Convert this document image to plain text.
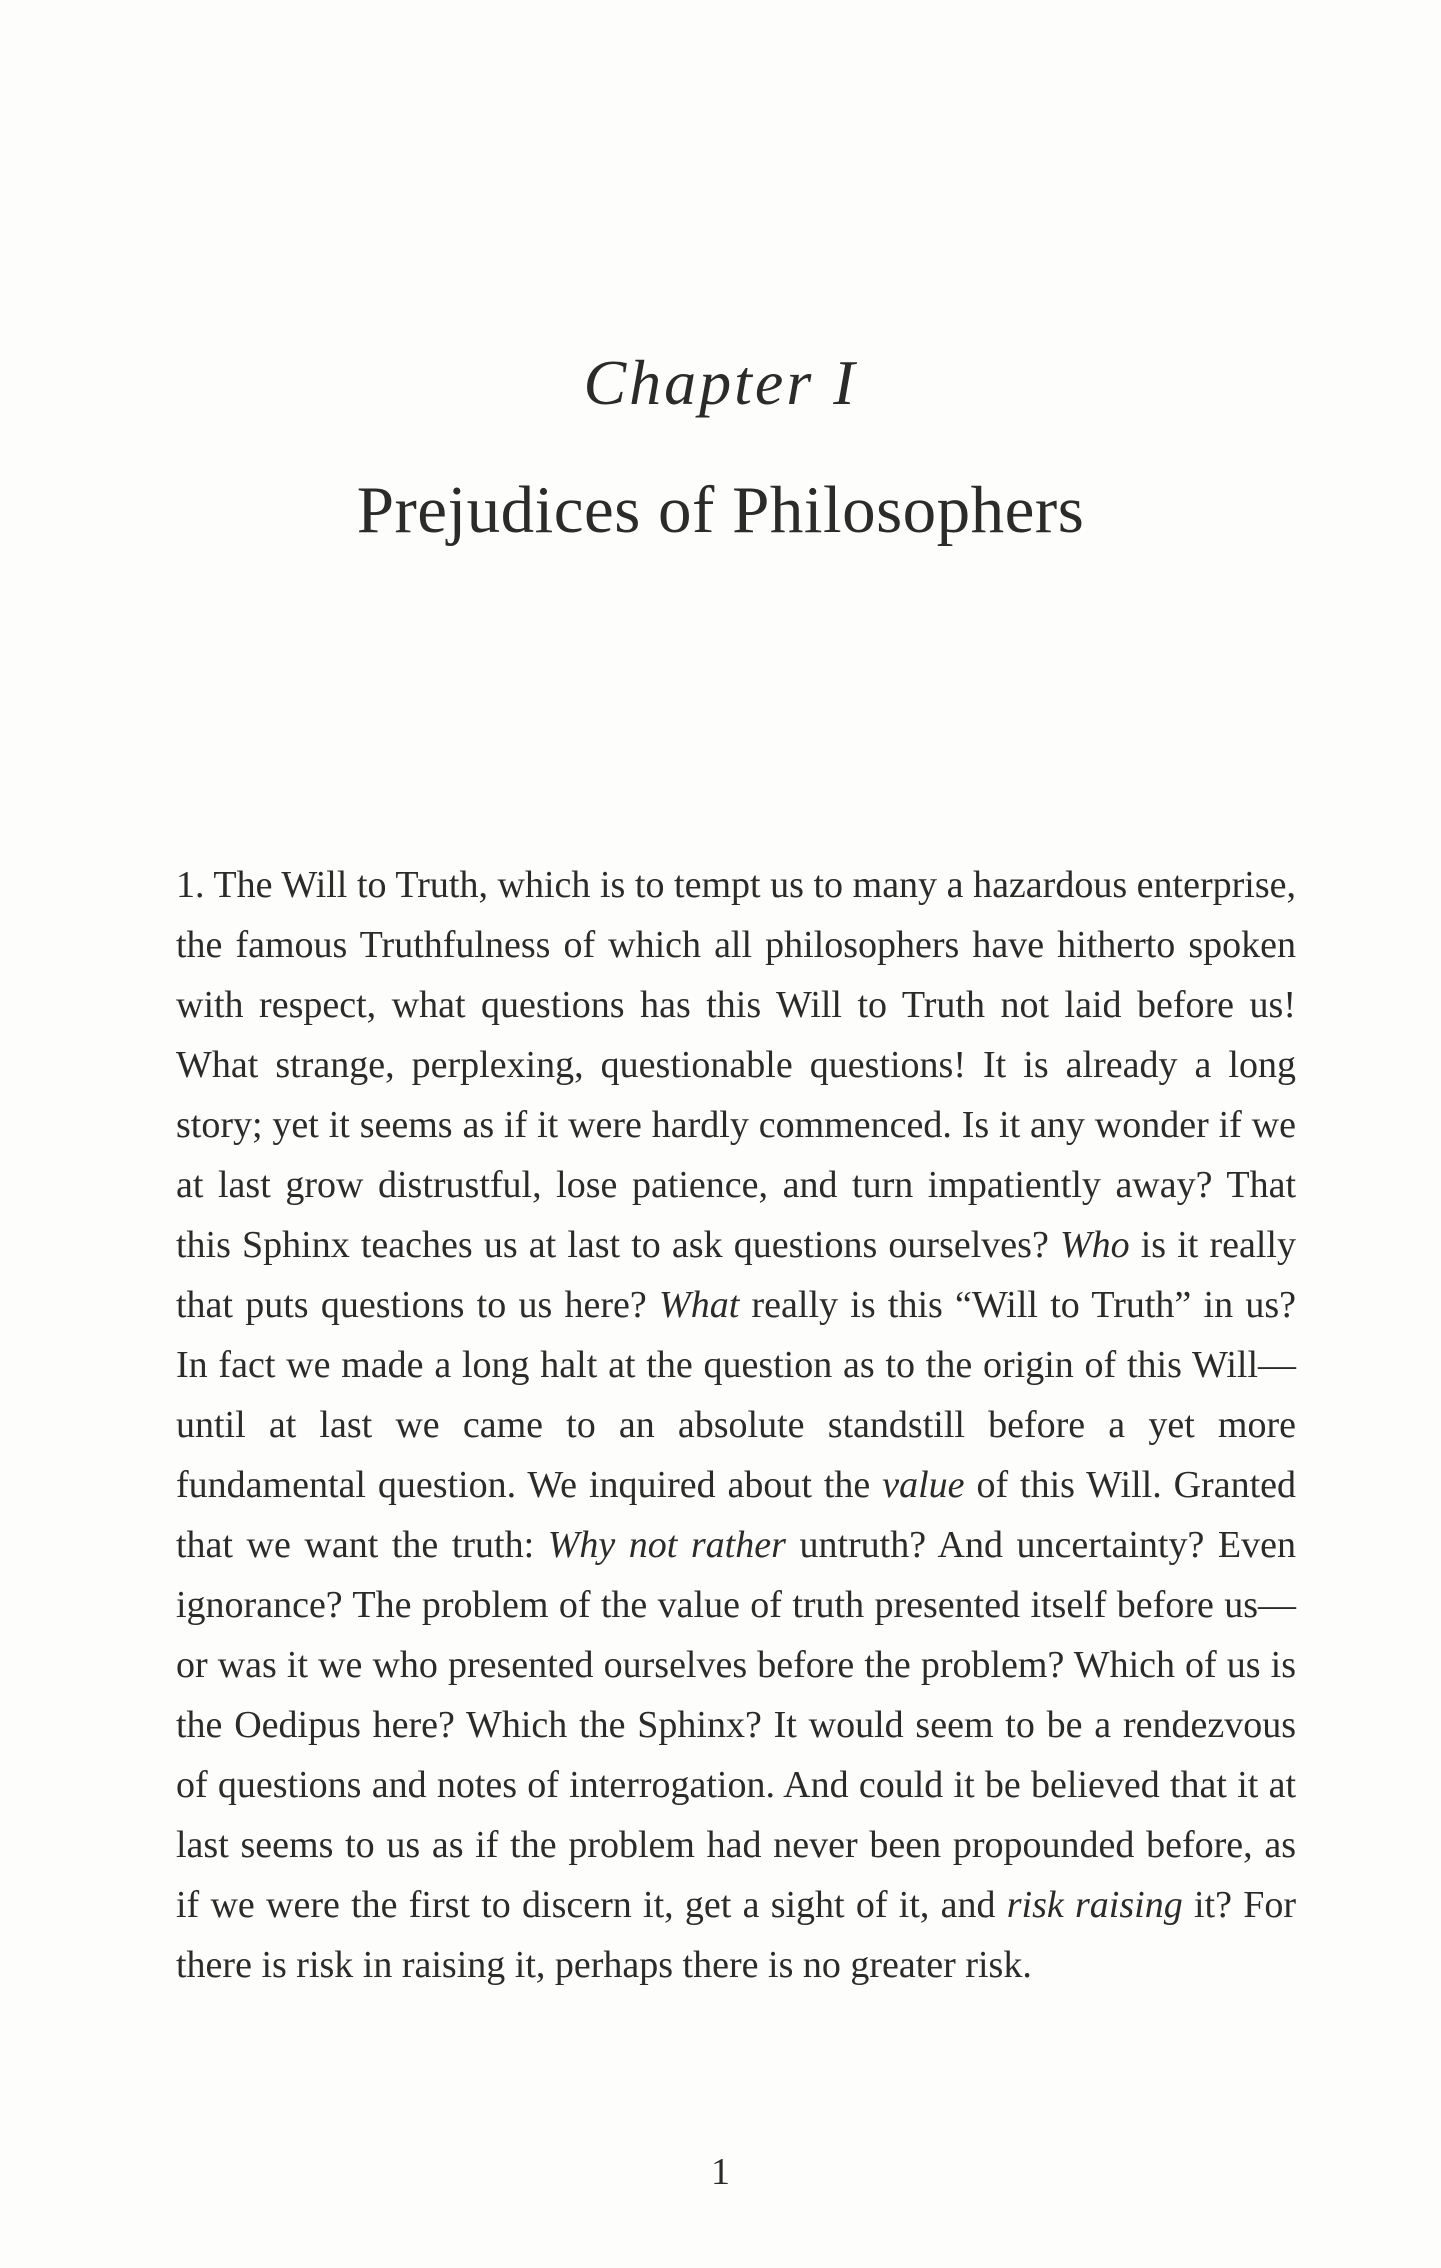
Chapter I
Prejudices of Philosophers

1. The Will to Truth, which is to tempt us to many a hazardous enterprise, the famous Truthfulness of which all philosophers have hitherto spoken with respect, what questions has this Will to Truth not laid before us! What strange, perplexing, questionable questions! It is already a long story; yet it seems as if it were hardly commenced. Is it any wonder if we at last grow distrustful, lose patience, and turn impatiently away? That this Sphinx teaches us at last to ask questions ourselves? Who is it really that puts questions to us here? What really is this “Will to Truth” in us? In fact we made a long halt at the question as to the origin of this Will—until at last we came to an absolute standstill before a yet more fundamental question. We inquired about the value of this Will. Granted that we want the truth: Why not rather untruth? And uncertainty? Even ignorance? The problem of the value of truth presented itself before us—or was it we who presented ourselves before the problem? Which of us is the Oedipus here? Which the Sphinx? It would seem to be a rendezvous of questions and notes of interrogation. And could it be believed that it at last seems to us as if the problem had never been propounded before, as if we were the first to discern it, get a sight of it, and risk raising it? For there is risk in raising it, perhaps there is no greater risk.

1
